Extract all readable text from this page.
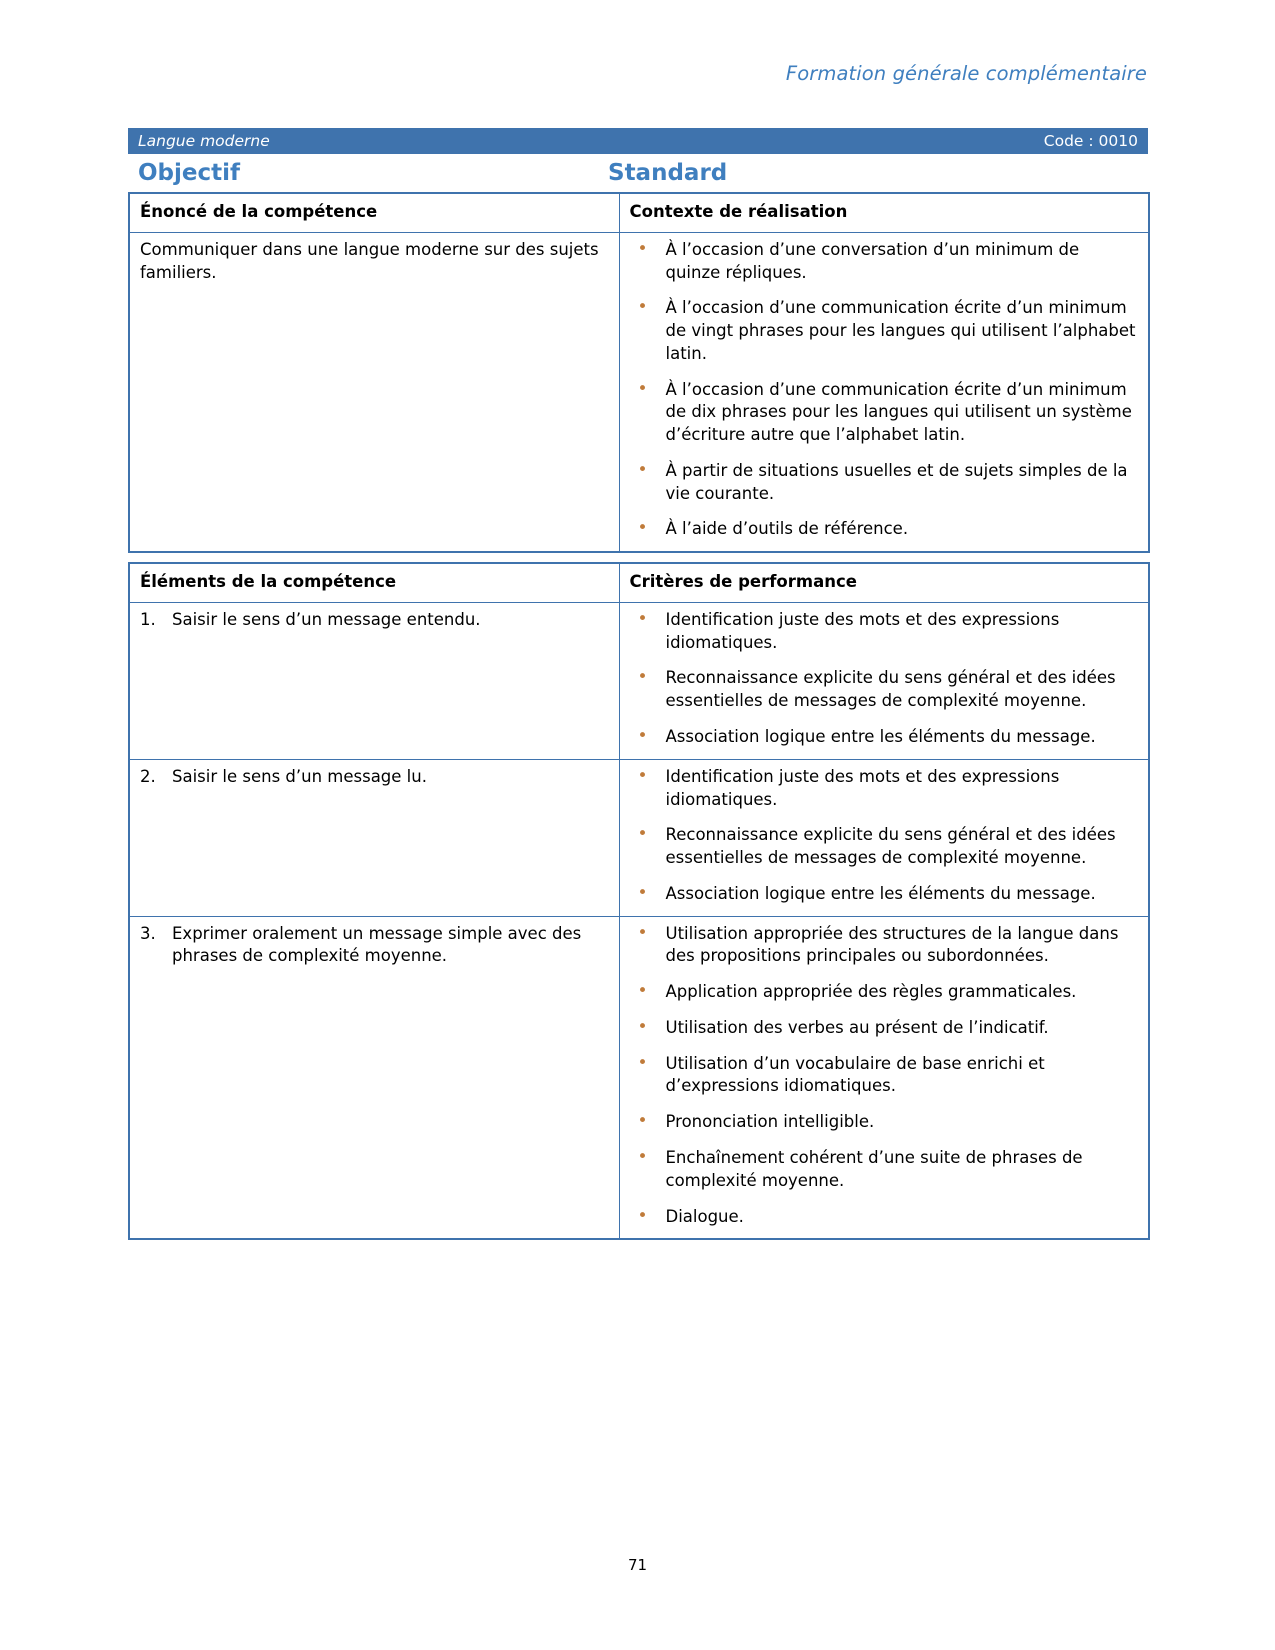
Formation générale complémentaire
Langue moderne	Code : 0010
Objectif	Standard
Énoncé de la compétence	Contexte de réalisation
Communiquer dans une langue moderne sur des sujets familiers.	
• À l’occasion d’une conversation d’un minimum de quinze répliques.
• À l’occasion d’une communication écrite d’un minimum de vingt phrases pour les langues qui utilisent l’alphabet latin.
• À l’occasion d’une communication écrite d’un minimum de dix phrases pour les langues qui utilisent un système d’écriture autre que l’alphabet latin.
• À partir de situations usuelles et de sujets simples de la vie courante.
• À l’aide d’outils de référence.
Éléments de la compétence	Critères de performance

1. Saisir le sens d’un message entendu.

•Identification juste des mots et des expressions idiomatiques.
• Reconnaissance explicite du sens général et des idées essentielles de messages de complexité moyenne.
• Association logique entre les éléments du message.

2. Saisir le sens d’un message lu.

•Identification juste des mots et des expressions idiomatiques.
• Reconnaissance explicite du sens général et des idées essentielles de messages de complexité moyenne.
• Association logique entre les éléments du message.

3. Exprimer oralement un message simple avec des phrases de complexité moyenne.

• Utilisation appropriée des structures de la langue dans des propositions principales ou subordonnées.
• Application appropriée des règles grammaticales.
• Utilisation des verbes au présent de l’indicatif.
• Utilisation d’un vocabulaire de base enrichi et d’expressions idiomatiques.
• Prononciation intelligible.
• Enchaînement cohérent d’une suite de phrases de complexité moyenne.
• Dialogue.
71
